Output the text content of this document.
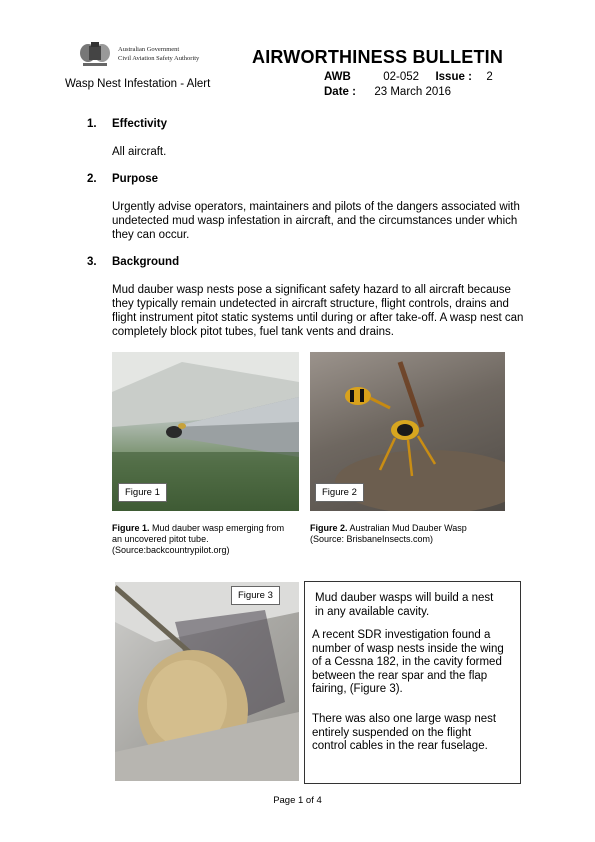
Australian Government
Civil Aviation Safety Authority	AIRWORTHINESS BULLETIN
Wasp Nest Infestation - Alert
AWB	02-052 Issue : 2
Date : 23 March 2016
1. Effectivity
All aircraft.
2. Purpose
Urgently advise operators, maintainers and pilots of the dangers associated with
undetected mud wasp infestation in aircraft, and the circumstances under which
they can occur.
3. Background
Mud dauber wasp nests pose a significant safety hazard to all aircraft because
they typically remain undetected in aircraft structure, flight controls, drains and
flight instrument pitot static systems until during or after take-off. A wasp nest can
completely block pitot tubes, fuel tank vents and drains.
Figure 1	Figure 2
Figure 1. Mud dauber wasp emerging from
an uncovered pitot tube.
(Source:backcountrypilot.org)
Figure 2. Australian Mud Dauber Wasp
(Source: BrisbaneInsects.com)
Figure 3	Mud dauber wasps will build a nest
in any available cavity.
A recent SDR investigation found a
number of wasp nests inside the wing
of a Cessna 182, in the cavity formed
between the rear spar and the flap
fairing, (Figure 3).
There was also one large wasp nest
entirely suspended on the flight
control cables in the rear fuselage.
Page 1 of 4
